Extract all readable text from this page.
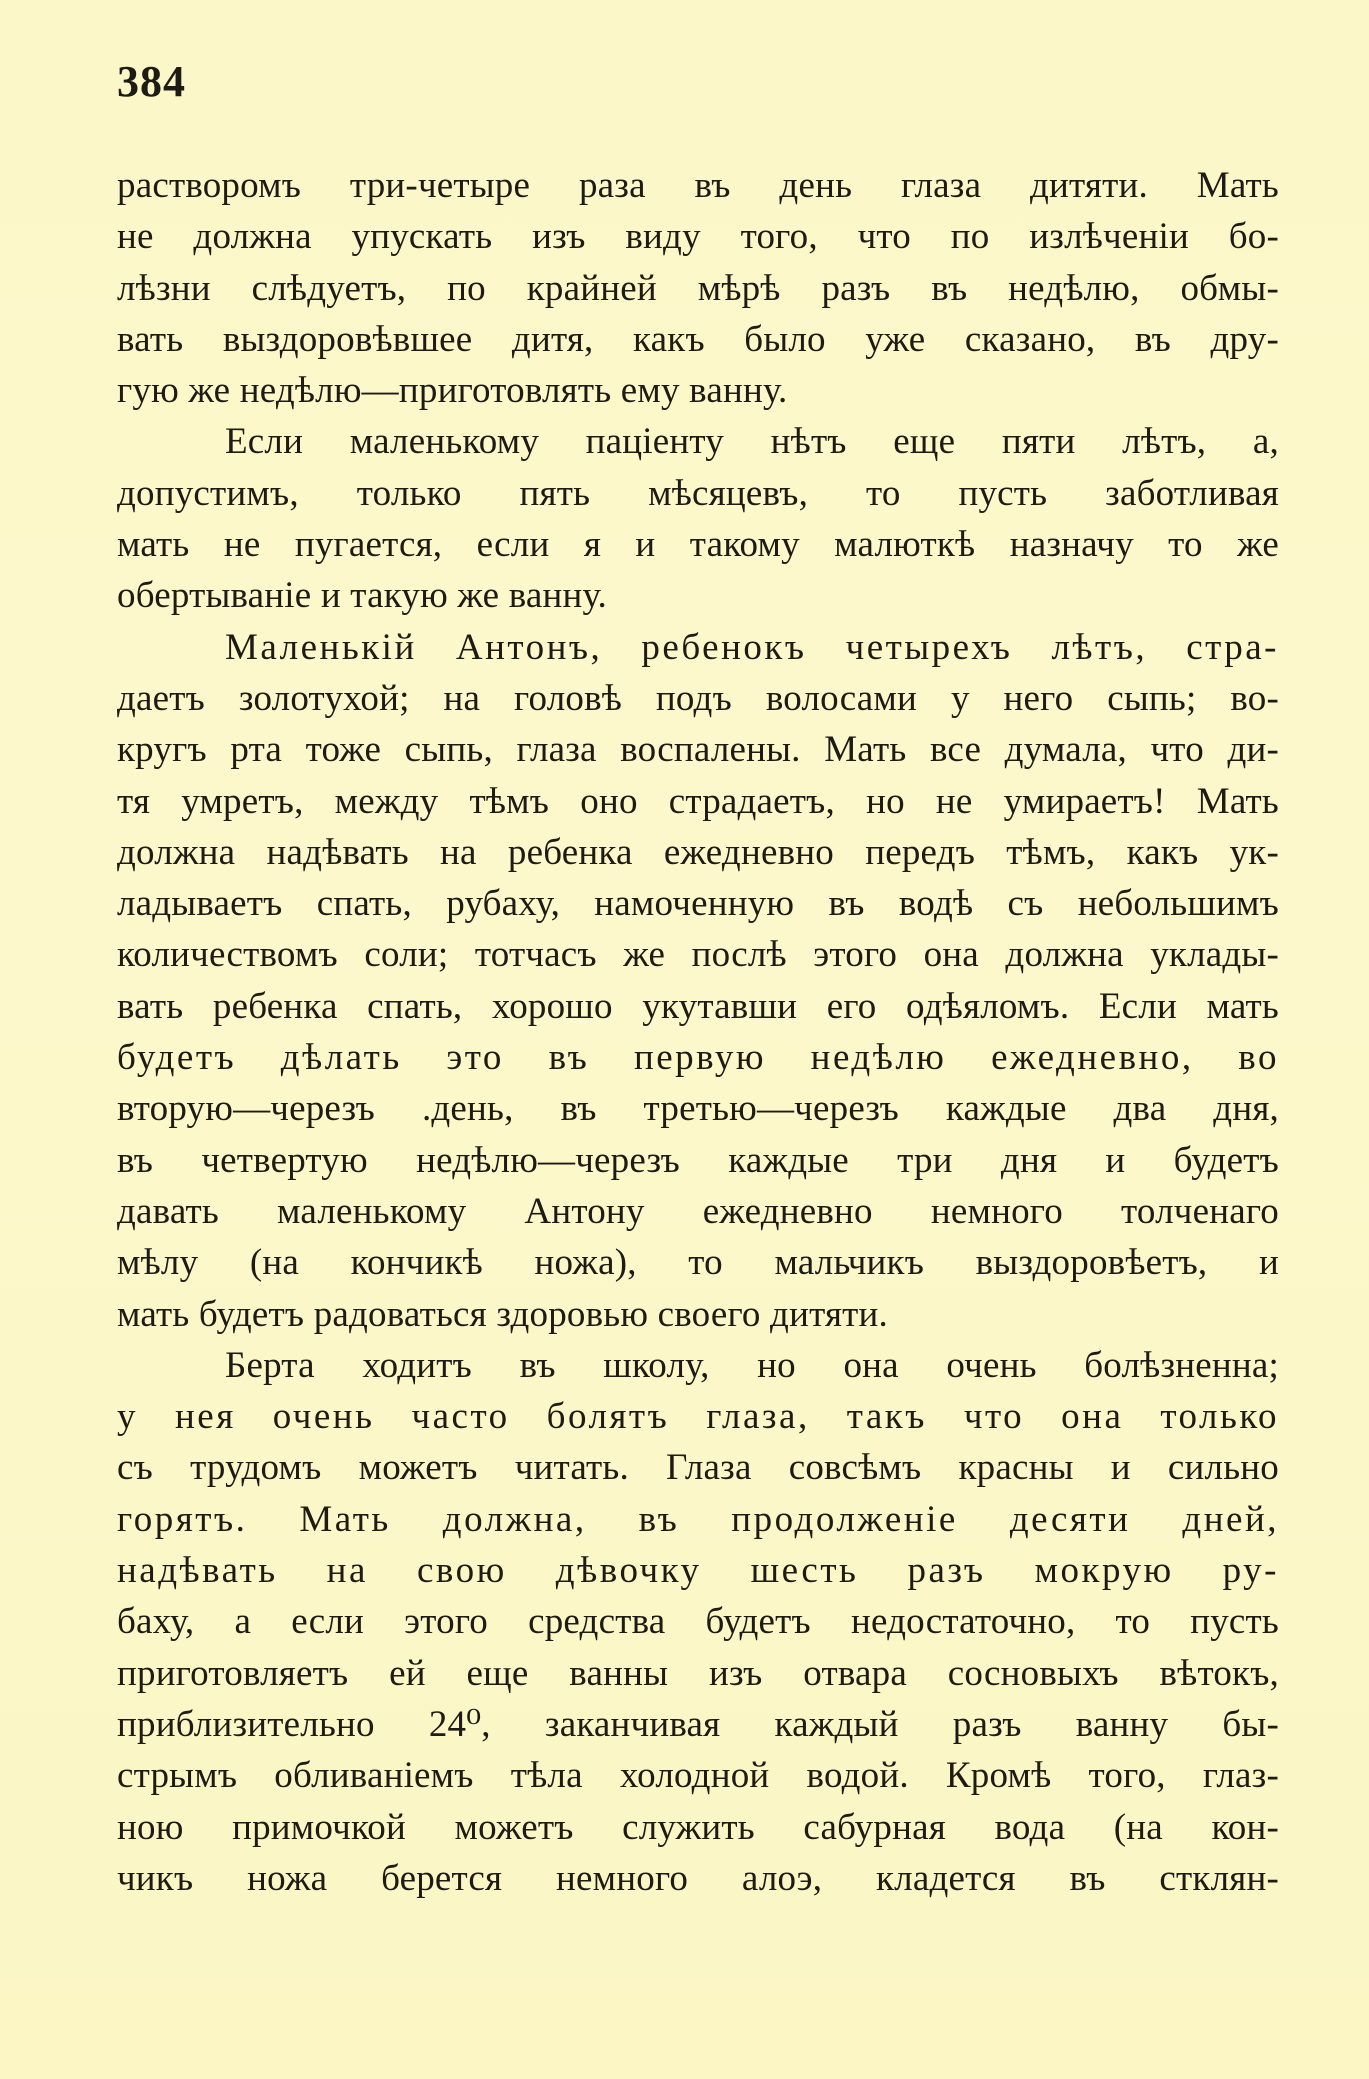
384
растворомъ три-четыре раза въ день глаза дитяти. Мать
не должна упускать изъ виду того, что по излѣченіи бо-
лѣзни слѣдуетъ, по крайней мѣрѣ разъ въ недѣлю, обмы-
вать выздоровѣвшее дитя, какъ было уже сказано, въ дру-
гую же недѣлю—приготовлять ему ванну.
Если маленькому паціенту нѣтъ еще пяти лѣтъ, а,
допустимъ, только пять мѣсяцевъ, то пусть заботливая
мать не пугается, если я и такому малюткѣ назначу то же
обертываніе и такую же ванну.
Маленькій Антонъ, ребенокъ четырехъ лѣтъ, стра-
даетъ золотухой; на головѣ подъ волосами у него сыпь; во-
кругъ рта тоже сыпь, глаза воспалены. Мать все думала, что ди-
тя умретъ, между тѣмъ оно страдаетъ, но не умираетъ! Мать
должна надѣвать на ребенка ежедневно передъ тѣмъ, какъ ук-
ладываетъ спать, рубаху, намоченную въ водѣ съ небольшимъ
количествомъ соли; тотчасъ же послѣ этого она должна уклады-
вать ребенка спать, хорошо укутавши его одѣяломъ. Если мать
будетъ дѣлать это въ первую недѣлю ежедневно, во
вторую—черезъ .день, въ третью—черезъ каждые два дня,
въ четвертую недѣлю—черезъ каждые три дня и будетъ
давать маленькому Антону ежедневно немного толченаго
мѣлу (на кончикѣ ножа), то мальчикъ выздоровѣетъ, и
мать будетъ радоваться здоровью своего дитяти.
Берта ходитъ въ школу, но она очень болѣзненна;
у нея очень часто болятъ глаза, такъ что она только
съ трудомъ можетъ читать. Глаза совсѣмъ красны и сильно
горятъ. Мать должна, въ продолженіе десяти дней,
надѣвать на свою дѣвочку шесть разъ мокрую ру-
баху, а если этого средства будетъ недостаточно, то пусть
приготовляетъ ей еще ванны изъ отвара сосновыхъ вѣтокъ,
приблизительно 24⁰, заканчивая каждый разъ ванну бы-
стрымъ обливаніемъ тѣла холодной водой. Кромѣ того, глаз-
ною примочкой можетъ служить сабурная вода (на кон-
чикъ ножа берется немного алоэ, кладется въ стклян-
